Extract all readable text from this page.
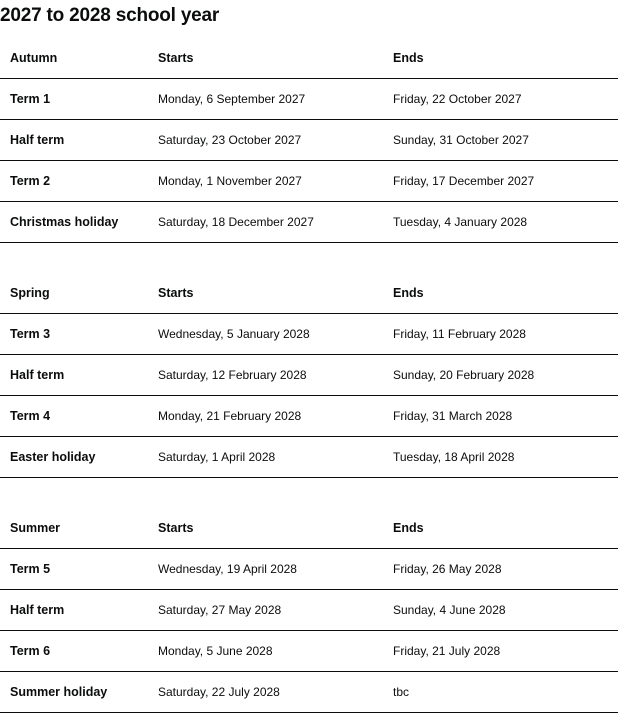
2027 to 2028 school year
Autumn	Starts	Ends
Term 1	Monday, 6 September 2027	Friday, 22 October 2027
Half term	Saturday, 23 October 2027	Sunday, 31 October 2027
Term 2	Monday, 1 November 2027	Friday, 17 December 2027
Christmas holiday	Saturday, 18 December 2027	Tuesday, 4 January 2028
Spring	Starts	Ends
Term 3	Wednesday, 5 January 2028	Friday, 11 February 2028
Half term	Saturday, 12 February 2028	Sunday, 20 February 2028
Term 4	Monday, 21 February 2028	Friday, 31 March 2028
Easter holiday	Saturday, 1 April 2028	Tuesday, 18 April 2028
Summer	Starts	Ends
Term 5	Wednesday, 19 April 2028	Friday, 26 May 2028
Half term	Saturday, 27 May 2028	Sunday, 4 June 2028
Term 6	Monday, 5 June 2028	Friday, 21 July 2028
Summer holiday	Saturday, 22 July 2028	tbc
